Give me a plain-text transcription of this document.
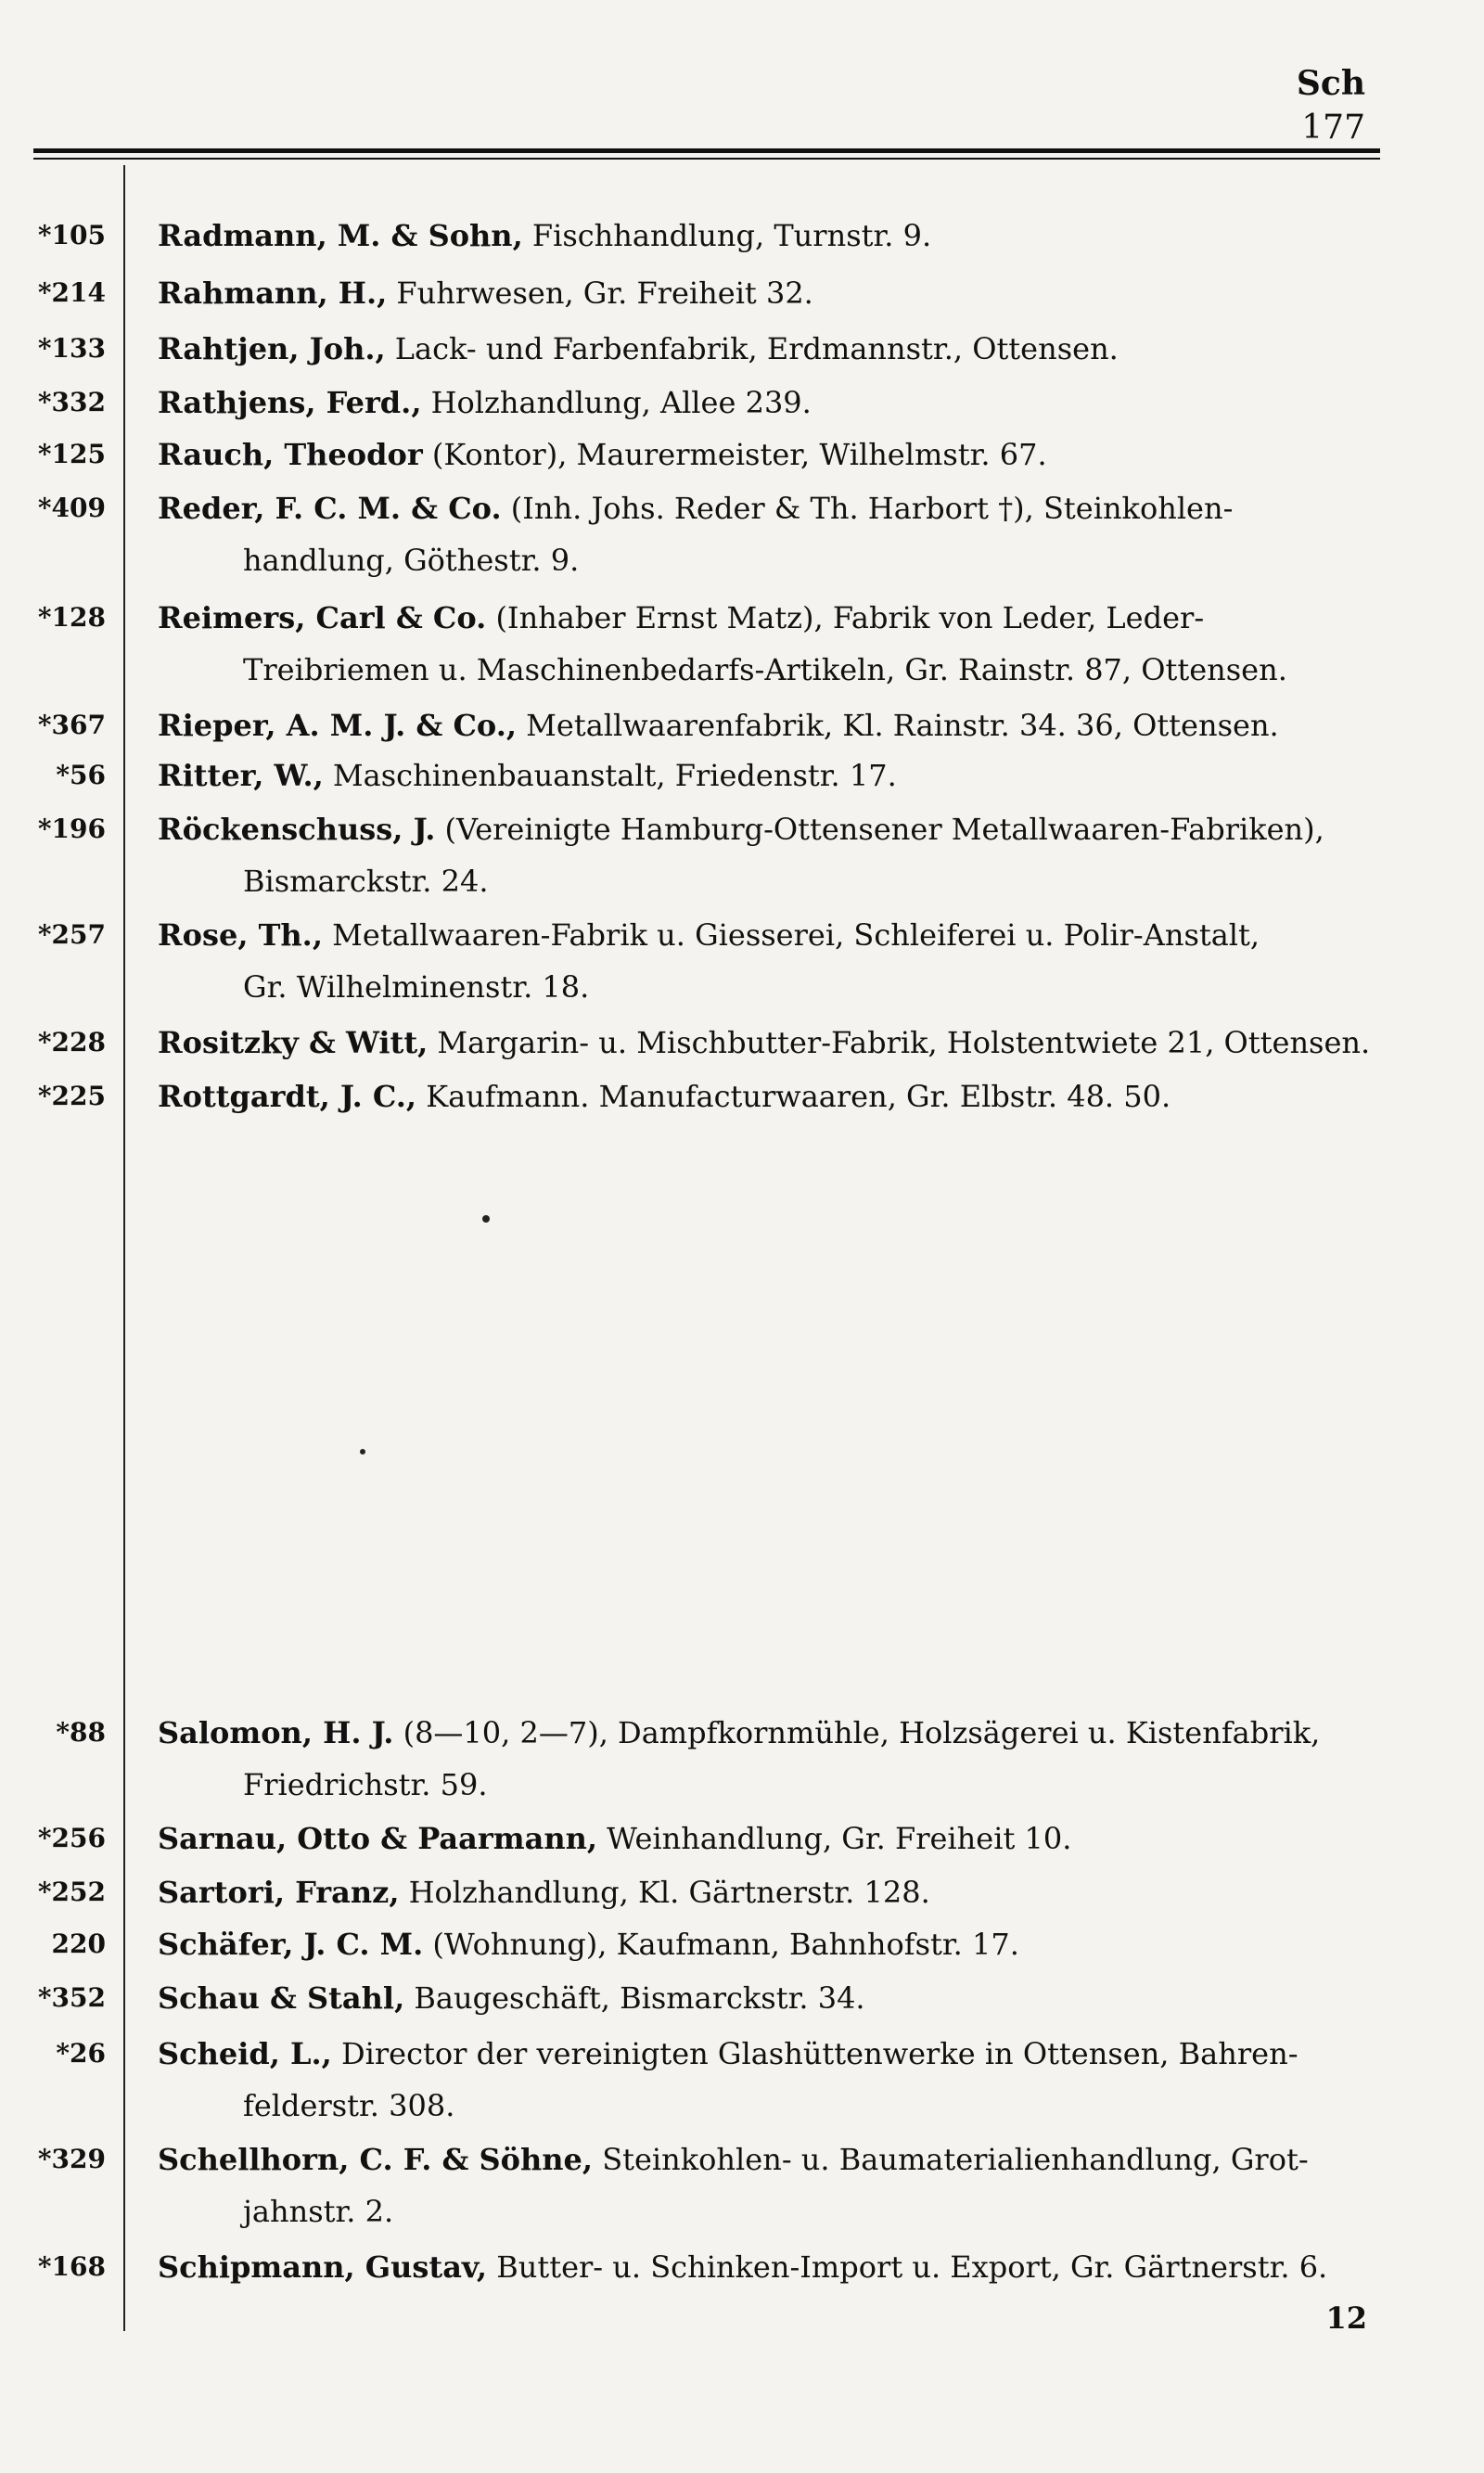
Sch
177
*105 Radmann, M. & Sohn, Fischhandlung, Turnstr. 9.
*214 Rahmann, H., Fuhrwesen, Gr. Freiheit 32.
*133 Rahtjen, Joh., Lack- und Farbenfabrik, Erdmannstr., Ottensen.
*332 Rathjens, Ferd., Holzhandlung, Allee 239.
*125 Rauch, Theodor (Kontor), Maurermeister, Wilhelmstr. 67.
*409 Reder, F. C. M. & Co. (Inh. Johs. Reder & Th. Harbort †), Steinkohlen-
handlung, Göthestr. 9.
*128 Reimers, Carl & Co. (Inhaber Ernst Matz), Fabrik von Leder, Leder-
Treibriemen u. Maschinenbedarfs-Artikeln, Gr. Rainstr. 87, Ottensen.
*367 Rieper, A. M. J. & Co., Metallwaarenfabrik, Kl. Rainstr. 34. 36, Ottensen.
*56 Ritter, W., Maschinenbauanstalt, Friedenstr. 17.
*196 Röckenschuss, J. (Vereinigte Hamburg-Ottensener Metallwaaren-Fabriken),
Bismarckstr. 24.
*257 Rose, Th., Metallwaaren-Fabrik u. Giesserei, Schleiferei u. Polir-Anstalt,
Gr. Wilhelminenstr. 18.
*228 Rositzky & Witt, Margarin- u. Mischbutter-Fabrik, Holstentwiete 21, Ottensen.
*225 Rottgardt, J. C., Kaufmann. Manufacturwaaren, Gr. Elbstr. 48. 50.
*88 Salomon, H. J. (8—10, 2—7), Dampfkornmühle, Holzsägerei u. Kistenfabrik,
Friedrichstr. 59.
*256 Sarnau, Otto & Paarmann, Weinhandlung, Gr. Freiheit 10.
*252 Sartori, Franz, Holzhandlung, Kl. Gärtnerstr. 128.
220 Schäfer, J. C. M. (Wohnung), Kaufmann, Bahnhofstr. 17.
*352 Schau & Stahl, Baugeschäft, Bismarckstr. 34.
*26 Scheid, L., Director der vereinigten Glashüttenwerke in Ottensen, Bahren-
felderstr. 308.
*329 Schellhorn, C. F. & Söhne, Steinkohlen- u. Baumaterialienhandlung, Grot-
jahnstr. 2.
*168 Schipmann, Gustav, Butter- u. Schinken-Import u. Export, Gr. Gärtnerstr. 6.
12
